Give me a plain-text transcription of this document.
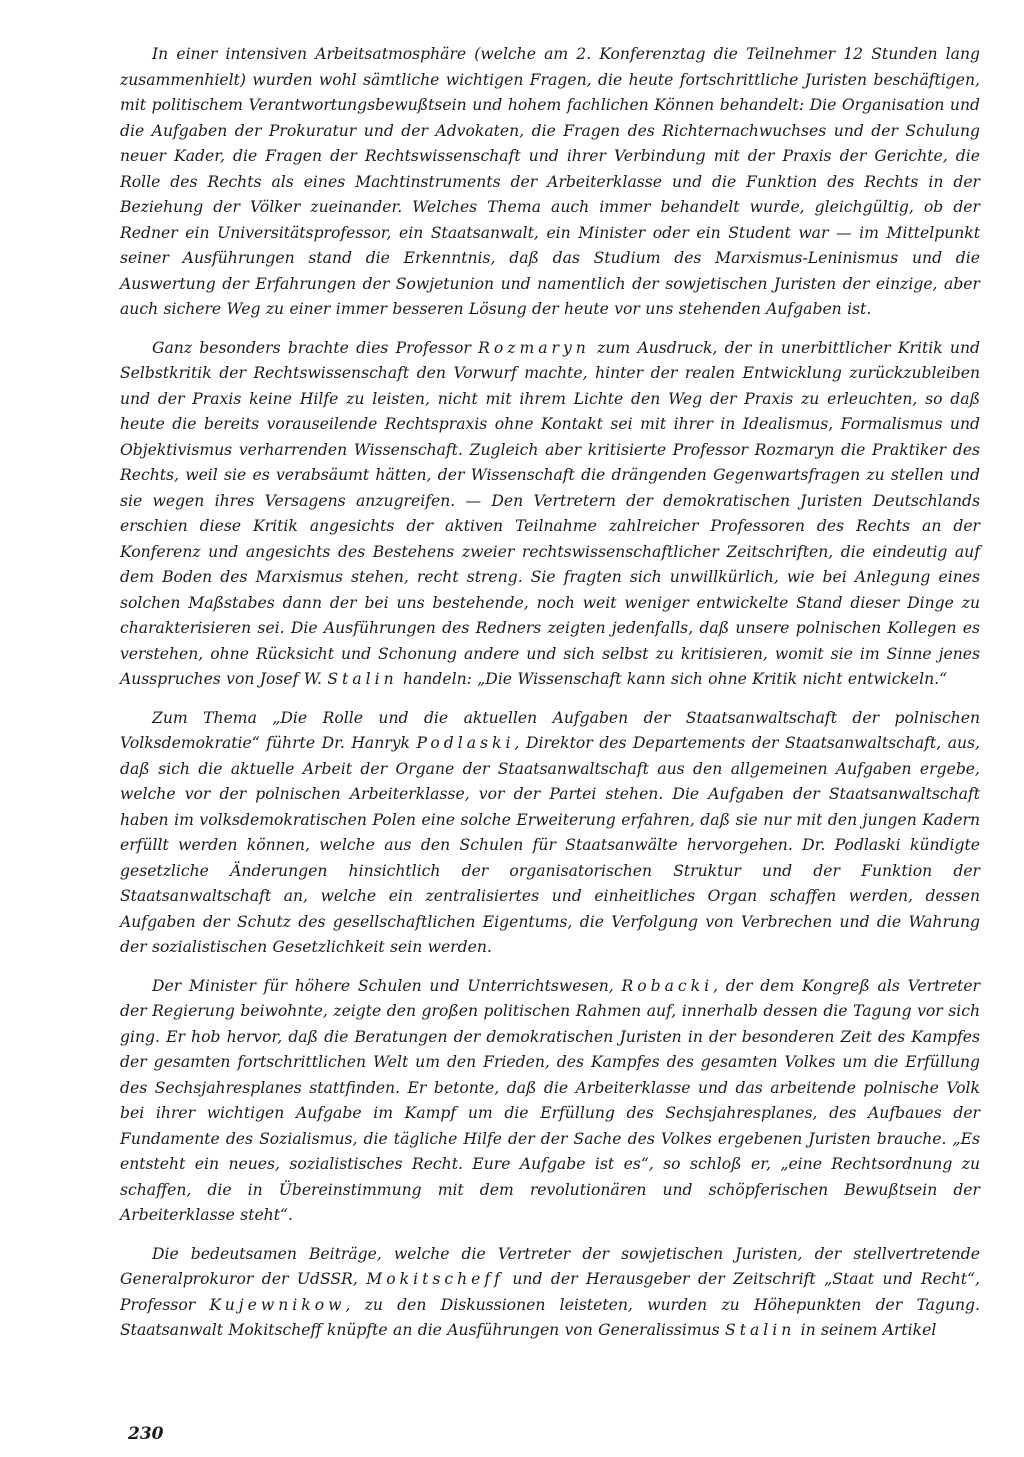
In einer intensiven Arbeitsatmosphäre (welche am 2. Konferenztag die Teilnehmer 12 Stunden lang zusammenhielt) wurden wohl sämtliche wichtigen Fragen, die heute fortschrittliche Juristen beschäftigen, mit politischem Verantwortungsbewußtsein und hohem fachlichen Können behandelt: Die Organisation und die Aufgaben der Prokuratur und der Advokaten, die Fragen des Richternachwuchses und der Schulung neuer Kader, die Fragen der Rechtswissenschaft und ihrer Verbindung mit der Praxis der Gerichte, die Rolle des Rechts als eines Machtinstruments der Arbeiterklasse und die Funktion des Rechts in der Beziehung der Völker zueinander. Welches Thema auch immer behandelt wurde, gleichgültig, ob der Redner ein Universitätsprofessor, ein Staatsanwalt, ein Minister oder ein Student war — im Mittelpunkt seiner Ausführungen stand die Erkenntnis, daß das Studium des Marxismus-Leninismus und die Auswertung der Erfahrungen der Sowjetunion und namentlich der sowjetischen Juristen der einzige, aber auch sichere Weg zu einer immer besseren Lösung der heute vor uns stehenden Aufgaben ist.

Ganz besonders brachte dies Professor Rozmaryn zum Ausdruck, der in unerbittlicher Kritik und Selbstkritik der Rechtswissenschaft den Vorwurf machte, hinter der realen Entwicklung zurückzubleiben und der Praxis keine Hilfe zu leisten, nicht mit ihrem Lichte den Weg der Praxis zu erleuchten, so daß heute die bereits vorauseilende Rechtspraxis ohne Kontakt sei mit ihrer in Idealismus, Formalismus und Objektivismus verharrenden Wissenschaft. Zugleich aber kritisierte Professor Rozmaryn die Praktiker des Rechts, weil sie es verabsäumt hätten, der Wissenschaft die drängenden Gegenwartsfragen zu stellen und sie wegen ihres Versagens anzugreifen. — Den Vertretern der demokratischen Juristen Deutschlands erschien diese Kritik angesichts der aktiven Teilnahme zahlreicher Professoren des Rechts an der Konferenz und angesichts des Bestehens zweier rechtswissenschaftlicher Zeitschriften, die eindeutig auf dem Boden des Marxismus stehen, recht streng. Sie fragten sich unwillkürlich, wie bei Anlegung eines solchen Maßstabes dann der bei uns bestehende, noch weit weniger entwickelte Stand dieser Dinge zu charakterisieren sei. Die Ausführungen des Redners zeigten jedenfalls, daß unsere polnischen Kollegen es verstehen, ohne Rücksicht und Schonung andere und sich selbst zu kritisieren, womit sie im Sinne jenes Ausspruches von Josef W. Stalin handeln: „Die Wissenschaft kann sich ohne Kritik nicht entwickeln.“

Zum Thema „Die Rolle und die aktuellen Aufgaben der Staatsanwaltschaft der polnischen Volksdemokratie“ führte Dr. Hanryk Podlaski, Direktor des Departements der Staatsanwaltschaft, aus, daß sich die aktuelle Arbeit der Organe der Staatsanwaltschaft aus den allgemeinen Aufgaben ergebe, welche vor der polnischen Arbeiterklasse, vor der Partei stehen. Die Aufgaben der Staatsanwaltschaft haben im volksdemokratischen Polen eine solche Erweiterung erfahren, daß sie nur mit den jungen Kadern erfüllt werden können, welche aus den Schulen für Staatsanwälte hervorgehen. Dr. Podlaski kündigte gesetzliche Änderungen hinsichtlich der organisatorischen Struktur und der Funktion der Staatsanwaltschaft an, welche ein zentralisiertes und einheitliches Organ schaffen werden, dessen Aufgaben der Schutz des gesellschaftlichen Eigentums, die Verfolgung von Verbrechen und die Wahrung der sozialistischen Gesetzlichkeit sein werden.

Der Minister für höhere Schulen und Unterrichtswesen, Robacki, der dem Kongreß als Vertreter der Regierung beiwohnte, zeigte den großen politischen Rahmen auf, innerhalb dessen die Tagung vor sich ging. Er hob hervor, daß die Beratungen der demokratischen Juristen in der besonderen Zeit des Kampfes der gesamten fortschrittlichen Welt um den Frieden, des Kampfes des gesamten Volkes um die Erfüllung des Sechsjahresplanes stattfinden. Er betonte, daß die Arbeiterklasse und das arbeitende polnische Volk bei ihrer wichtigen Aufgabe im Kampf um die Erfüllung des Sechsjahresplanes, des Aufbaues der Fundamente des Sozialismus, die tägliche Hilfe der der Sache des Volkes ergebenen Juristen brauche. „Es entsteht ein neues, sozialistisches Recht. Eure Aufgabe ist es“, so schloß er, „eine Rechtsordnung zu schaffen, die in Übereinstimmung mit dem revolutionären und schöpferischen Bewußtsein der Arbeiterklasse steht“.

Die bedeutsamen Beiträge, welche die Vertreter der sowjetischen Juristen, der stellvertretende Generalprokuror der UdSSR, Mokitscheff und der Herausgeber der Zeitschrift „Staat und Recht“, Professor Kujewnikow, zu den Diskussionen leisteten, wurden zu Höhepunkten der Tagung. Staatsanwalt Mokitscheff knüpfte an die Ausführungen von Generalissimus Stalin in seinem Artikel

230
